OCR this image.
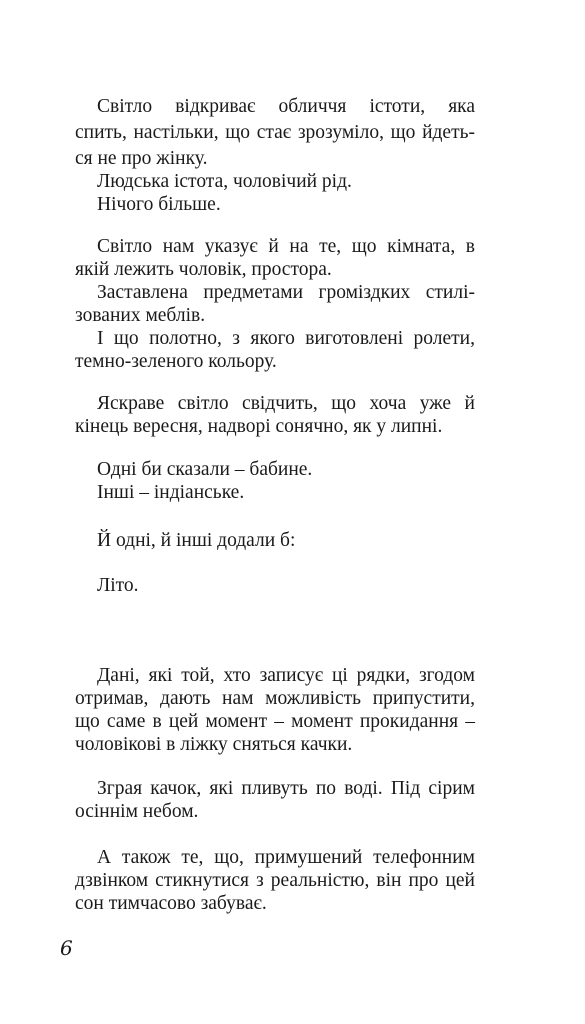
Світло відкриває обличчя істоти, яка
спить, настільки, що стає зрозуміло, що йдеть-
ся не про жінку.
Людська істота, чоловічий рід.
Нічого більше.
Світло нам указує й на те, що кімната, в
якій лежить чоловік, простора.
Заставлена предметами громіздких стилі-
зованих меблів.
І що полотно, з якого виготовлені ролети,
темно-зеленого кольору.
Яскраве світло свідчить, що хоча уже й
кінець вересня, надворі сонячно, як у липні.
Одні би сказали – бабине.
Інші – індіанське.
Й одні, й інші додали б:
Літо.
Дані, які той, хто записує ці рядки, згодом
отримав, дають нам можливість припустити,
що саме в цей момент – момент прокидання –
чоловікові в ліжку сняться качки.
Зграя качок, які пливуть по воді. Під сірим
осіннім небом.
А також те, що, примушений телефонним
дзвінком стикнутися з реальністю, він про цей
сон тимчасово забуває.
6
